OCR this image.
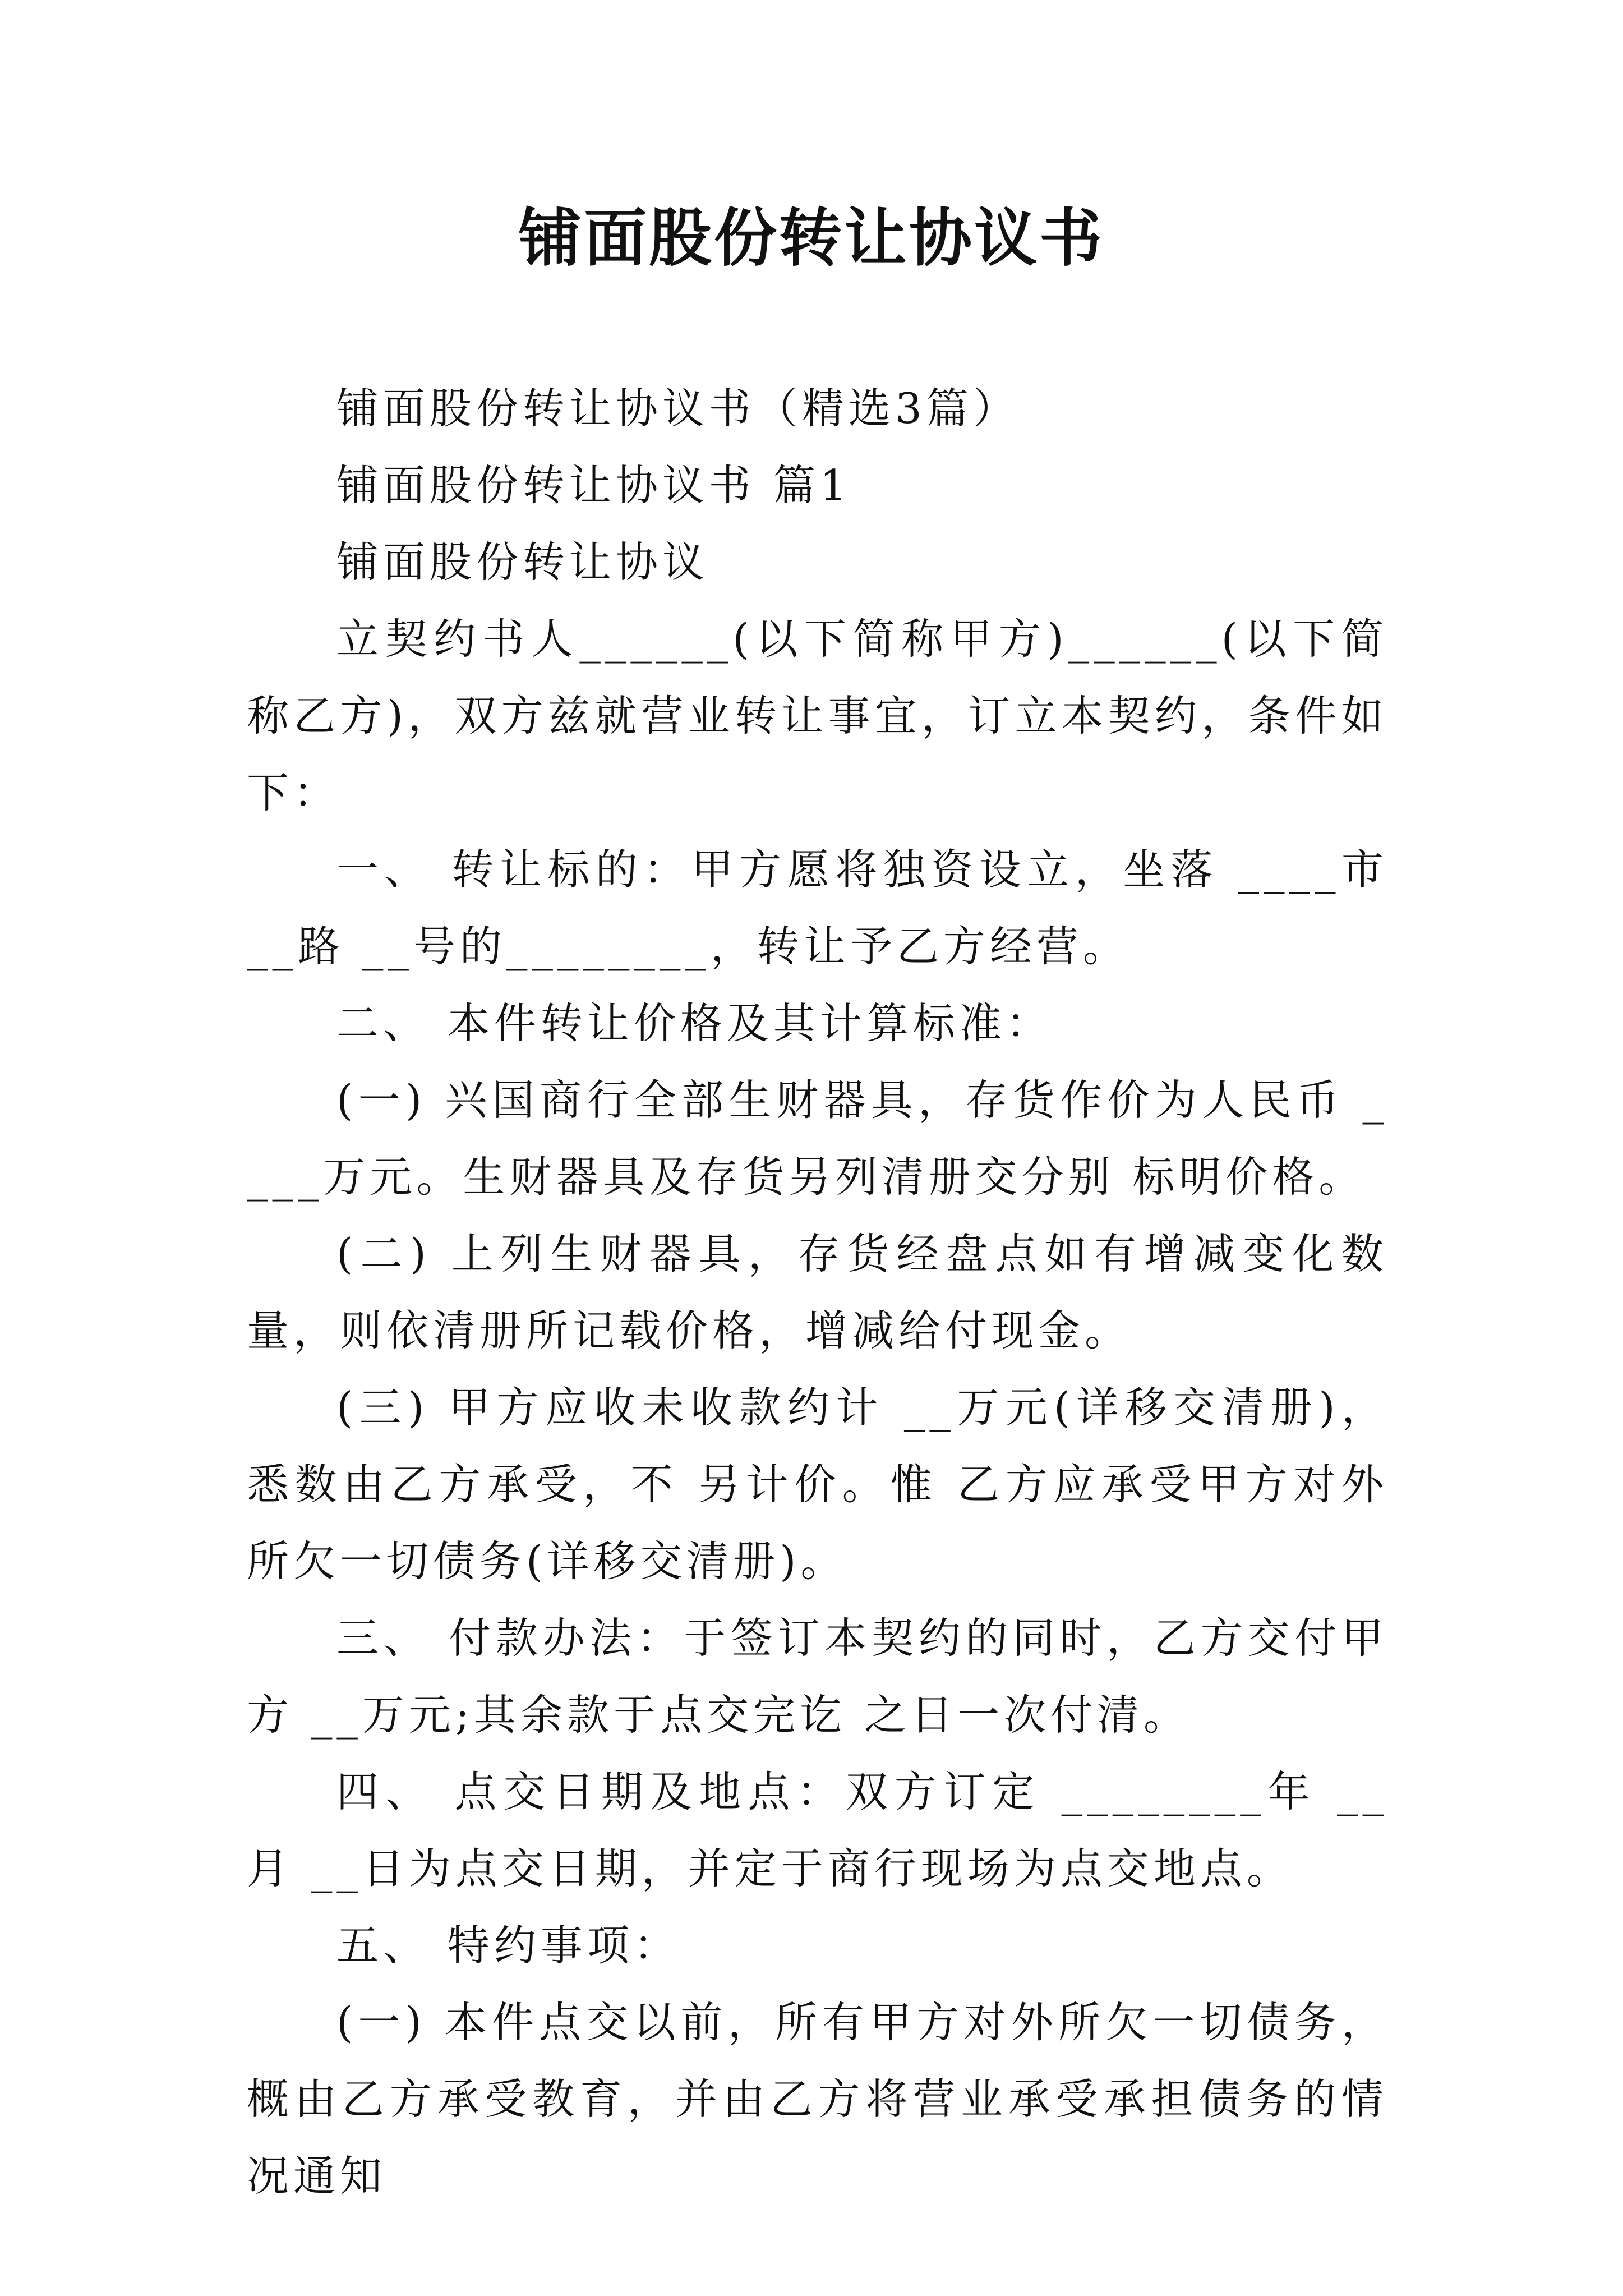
铺面股份转让协议书

铺面股份转让协议书（精选3篇）

铺面股份转让协议书 篇1

铺面股份转让协议

立契约书人______(以下简称甲方)______(以下简称乙方)，双方兹就营业转让事宜，订立本契约，条件如下：

一、 转让标的：甲方愿将独资设立，坐落 ____市 __路 __号的________，转让予乙方经营。

二、 本件转让价格及其计算标准：

(一) 兴国商行全部生财器具，存货作价为人民币 ____万元。生财器具及存货另列清册交分别 标明价格。

(二) 上列生财器具，存货经盘点如有增减变化数量，则依清册所记载价格，增减给付现金。

(三) 甲方应收未收款约计 __万元(详移交清册)，悉数由乙方承受，不 另计价。惟 乙方应承受甲方对外所欠一切债务(详移交清册)。

三、 付款办法：于签订本契约的同时，乙方交付甲方 __万元;其余款于点交完讫 之日一次付清。

四、 点交日期及地点：双方订定 ________年 __月 __日为点交日期，并定于商行现场为点交地点。

五、 特约事项：

(一) 本件点交以前，所有甲方对外所欠一切债务，概由乙方承受教育，并由乙方将营业承受承担债务的情况通知
